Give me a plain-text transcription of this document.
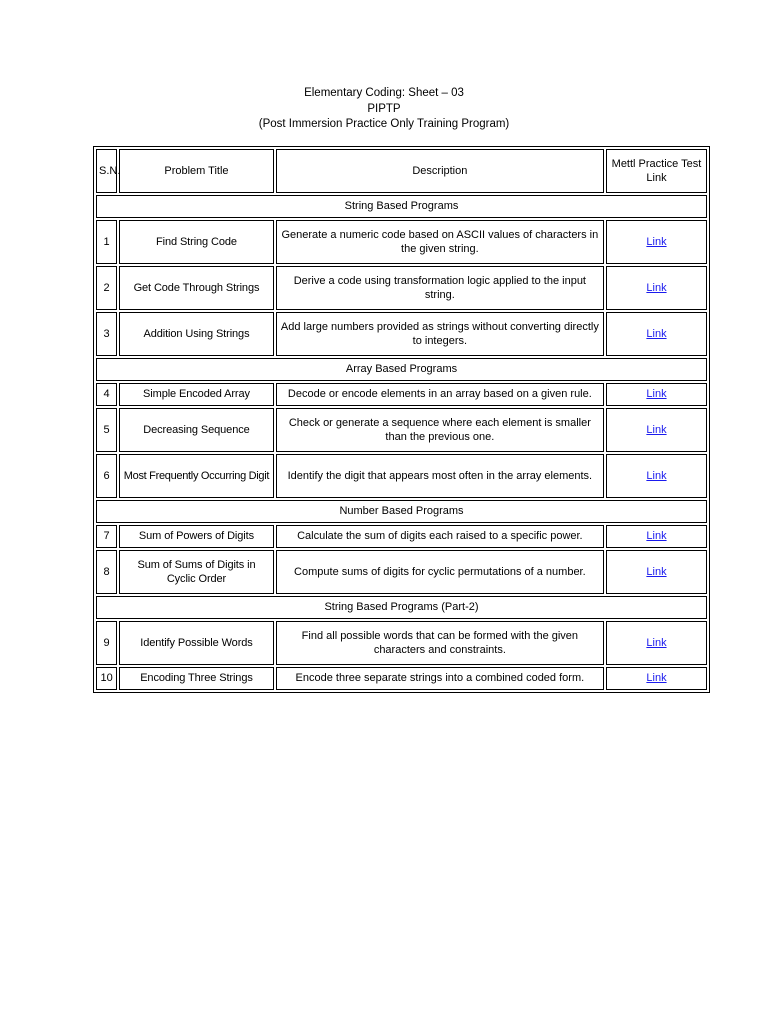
Elementary Coding: Sheet – 03
PIPTP
(Post Immersion Practice Only Training Program)
S.N.	Problem Title	Description	Mettl Practice Test Link
String Based Programs			
1	Find String Code	Generate a numeric code based on ASCII values of characters in the given string.	Link
2	Get Code Through Strings	Derive a code using transformation logic applied to the input string.	Link
3	Addition Using Strings	Add large numbers provided as strings without converting directly to integers.	Link
Array Based Programs			
4	Simple Encoded Array	Decode or encode elements in an array based on a given rule.	Link
5	Decreasing Sequence	Check or generate a sequence where each element is smaller than the previous one.	Link
6	Most Frequently Occurring Digit	Identify the digit that appears most often in the array elements.	Link
Number Based Programs			
7	Sum of Powers of Digits	Calculate the sum of digits each raised to a specific power.	Link
8	Sum of Sums of Digits in Cyclic Order	Compute sums of digits for cyclic permutations of a number.	Link
String Based Programs (Part-2)			
9	Identify Possible Words	Find all possible words that can be formed with the given characters and constraints.	Link
10	Encoding Three Strings	Encode three separate strings into a combined coded form.	Link
